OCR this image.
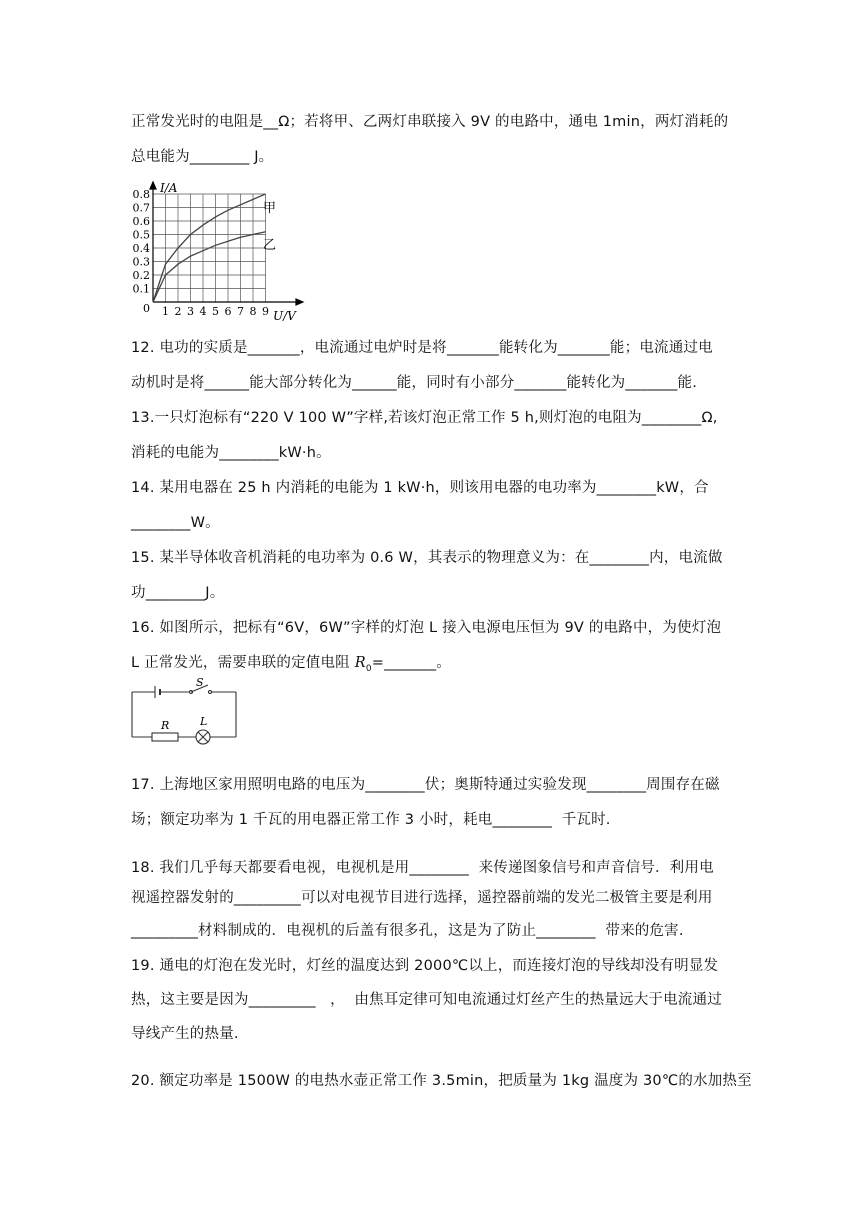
正常发光时的电阻是__Ω；若将甲、乙两灯串联接入 9V 的电路中，通电 1min，两灯消耗的
总电能为________ J。
I/A
U/V
0
0.8
0.7
0.6
0.5
0.4
0.3
0.2
0.1
1 2 3 4 5 6 7 8 9
甲
乙
12. 电功的实质是_______，电流通过电炉时是将_______能转化为_______能；电流通过电
动机时是将______能大部分转化为______能，同时有小部分_______能转化为_______能.
13.一只灯泡标有“220 V 100 W”字样,若该灯泡正常工作 5 h,则灯泡的电阻为________Ω,
消耗的电能为________kW·h。
14. 某用电器在 25 h 内消耗的电能为 1 kW·h，则该用电器的电功率为________kW，合
________W。
15. 某半导体收音机消耗的电功率为 0.6 W，其表示的物理意义为：在________内，电流做
功________J。
16. 如图所示，把标有“6V，6W”字样的灯泡 L 接入电源电压恒为 9V 的电路中，为使灯泡
L 正常发光，需要串联的定值电阻 $R_0=\_\_\_\_\_\_\_$。
S
R	L
17. 上海地区家用照明电路的电压为________伏；奥斯特通过实验发现________周围存在磁
场；额定功率为 1 千瓦的用电器正常工作 3 小时，耗电________  千瓦时.
18. 我们几乎每天都要看电视，电视机是用________  来传递图象信号和声音信号．利用电
视遥控器发射的_________可以对电视节目进行选择，遥控器前端的发光二极管主要是利用
_________材料制成的．电视机的后盖有很多孔，这是为了防止________  带来的危害.
19. 通电的灯泡在发光时，灯丝的温度达到 2000℃以上，而连接灯泡的导线却没有明显发
热，这主要是因为_________   ，  由焦耳定律可知电流通过灯丝产生的热量远大于电流通过
导线产生的热量.
20. 额定功率是 1500W 的电热水壶正常工作 3.5min，把质量为 1kg 温度为 30℃的水加热至
